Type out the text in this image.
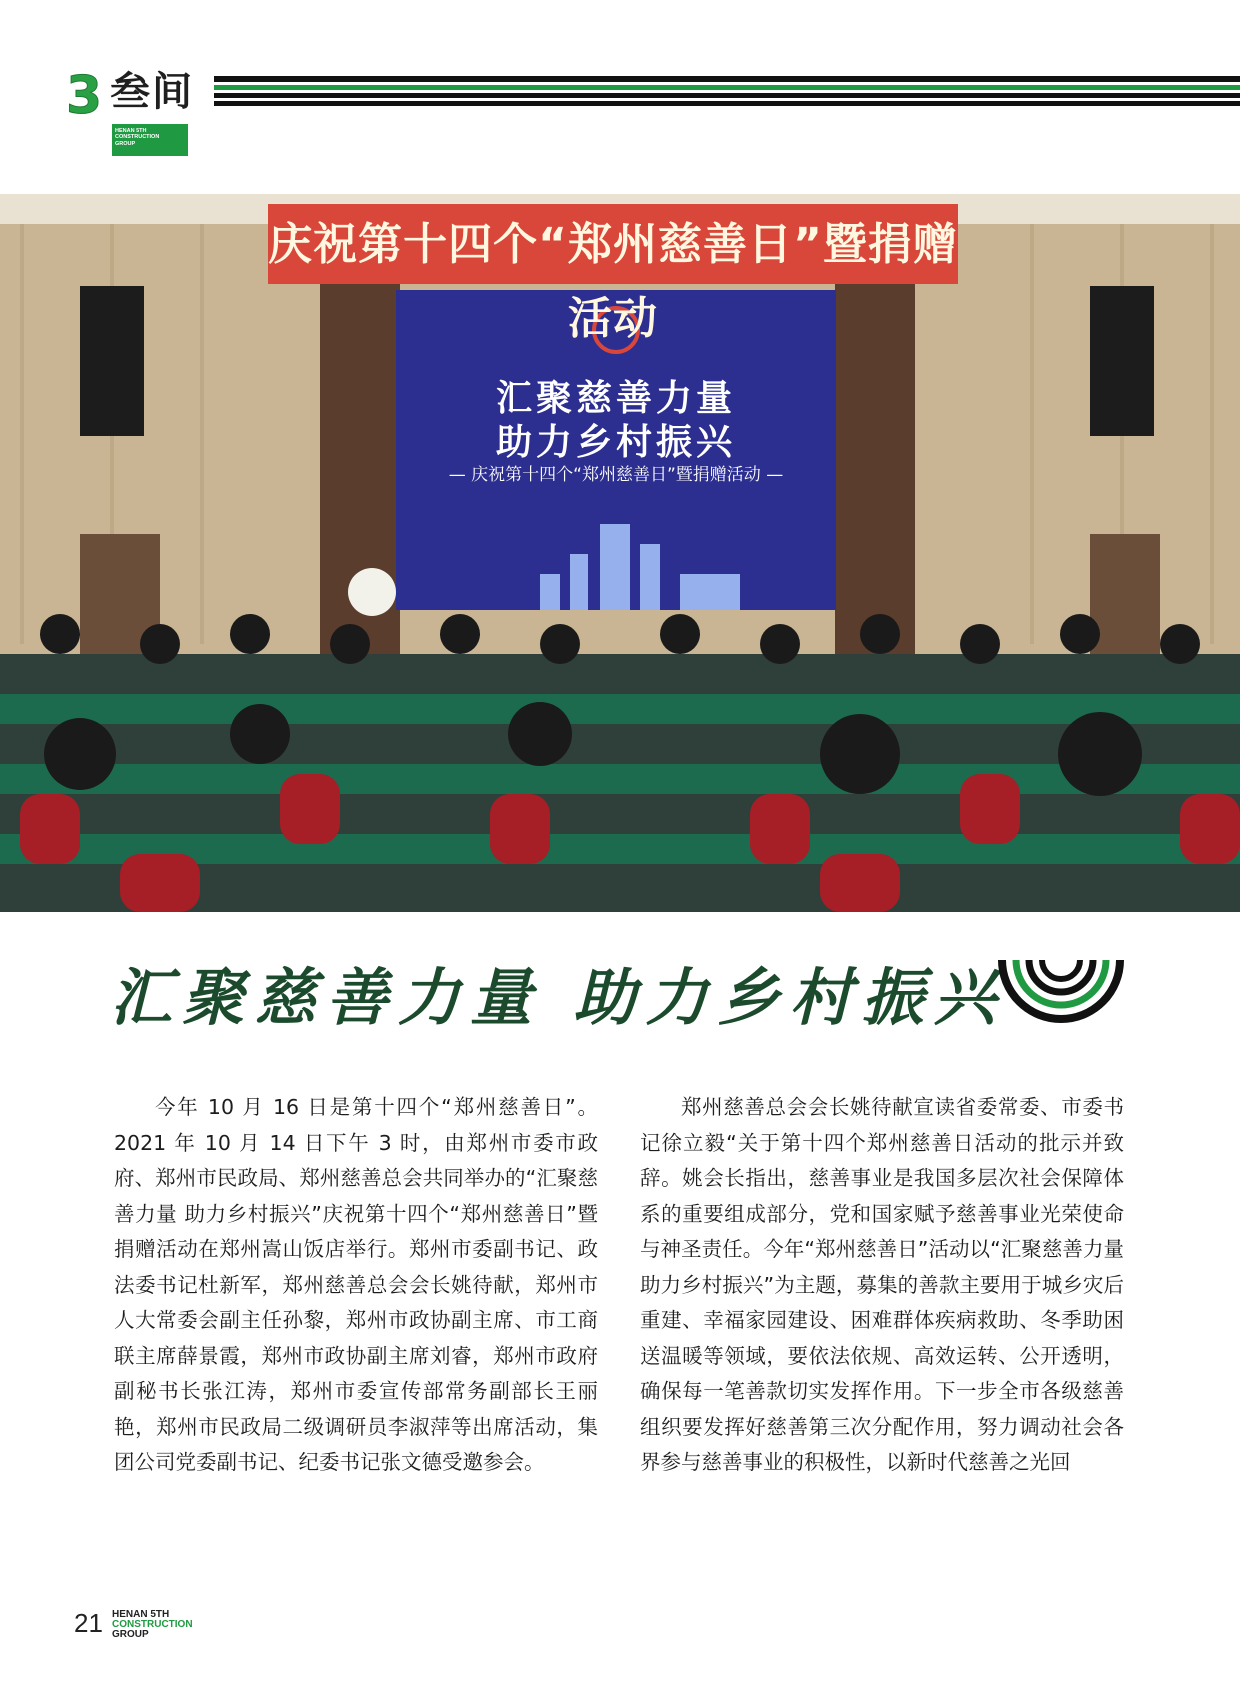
3 叁间
HENAN 5TH
CONSTRUCTION
GROUP
庆祝第十四个“郑州慈善日”暨捐赠活动
汇聚慈善力量
助力乡村振兴
— 庆祝第十四个“郑州慈善日”暨捐赠活动 —
汇聚慈善力量 助力乡村振兴

今年 10 月 16 日是第十四个“郑州慈善日”。2021 年 10 月 14 日下午 3 时，由郑州市委市政府、郑州市民政局、郑州慈善总会共同举办的“汇聚慈善力量 助力乡村振兴”庆祝第十四个“郑州慈善日”暨捐赠活动在郑州嵩山饭店举行。郑州市委副书记、政法委书记杜新军，郑州慈善总会会长姚待献，郑州市人大常委会副主任孙黎，郑州市政协副主席、市工商联主席薛景霞，郑州市政协副主席刘睿，郑州市政府副秘书长张江涛，郑州市委宣传部常务副部长王丽艳，郑州市民政局二级调研员李淑萍等出席活动，集团公司党委副书记、纪委书记张文德受邀参会。

郑州慈善总会会长姚待献宣读省委常委、市委书记徐立毅“关于第十四个郑州慈善日活动的批示并致辞。姚会长指出，慈善事业是我国多层次社会保障体系的重要组成部分，党和国家赋予慈善事业光荣使命与神圣责任。今年“郑州慈善日”活动以“汇聚慈善力量 助力乡村振兴”为主题，募集的善款主要用于城乡灾后重建、幸福家园建设、困难群体疾病救助、冬季助困送温暖等领域，要依法依规、高效运转、公开透明，确保每一笔善款切实发挥作用。下一步全市各级慈善组织要发挥好慈善第三次分配作用，努力调动社会各界参与慈善事业的积极性，以新时代慈善之光回

21 HENAN 5TH
CONSTRUCTION
GROUP
